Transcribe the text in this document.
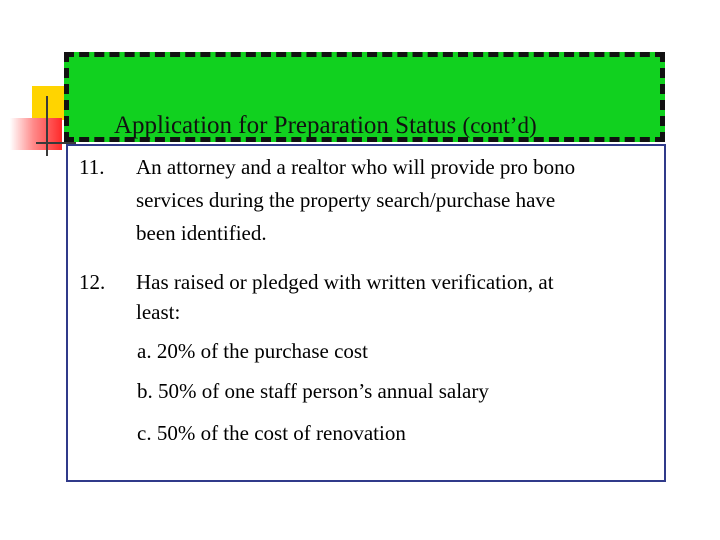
Application for Preparation Status (cont’d)
11. An attorney and a realtor who will provide pro bono
services during the property search/purchase have
been identified.
12. Has raised or pledged with written verification, at
least:
a. 20% of the purchase cost
b. 50% of one staff person’s annual salary
c. 50% of the cost of renovation
